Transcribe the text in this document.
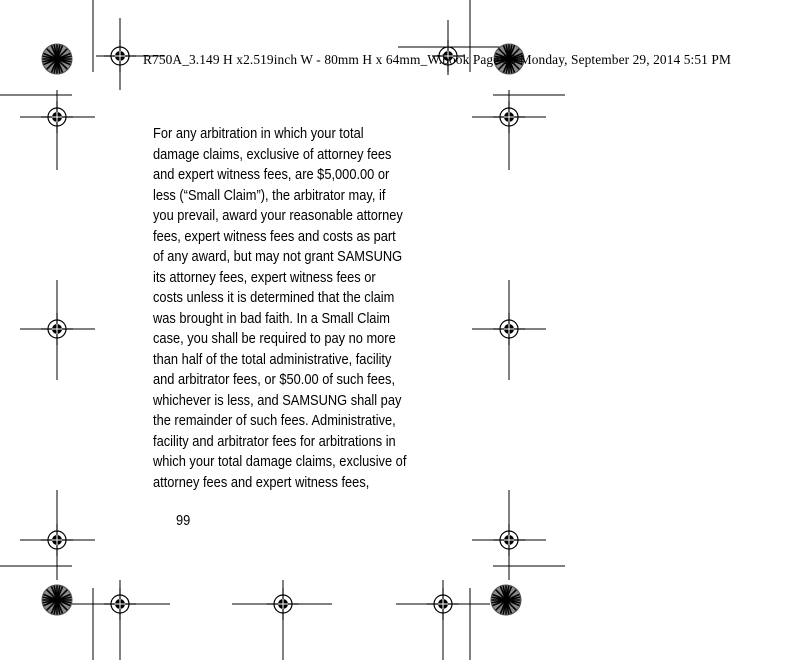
R750A_3.149 H x2.519inch W - 80mm H x 64mm_W.book Page 99 Monday, September 29, 2014 5:51 PM
For any arbitration in which your total
damage claims, exclusive of attorney fees
and expert witness fees, are $5,000.00 or
less (“Small Claim”), the arbitrator may, if
you prevail, award your reasonable attorney
fees, expert witness fees and costs as part
of any award, but may not grant SAMSUNG
its attorney fees, expert witness fees or
costs unless it is determined that the claim
was brought in bad faith. In a Small Claim
case, you shall be required to pay no more
than half of the total administrative, facility
and arbitrator fees, or $50.00 of such fees,
whichever is less, and SAMSUNG shall pay
the remainder of such fees. Administrative,
facility and arbitrator fees for arbitrations in
which your total damage claims, exclusive of
attorney fees and expert witness fees,
99
